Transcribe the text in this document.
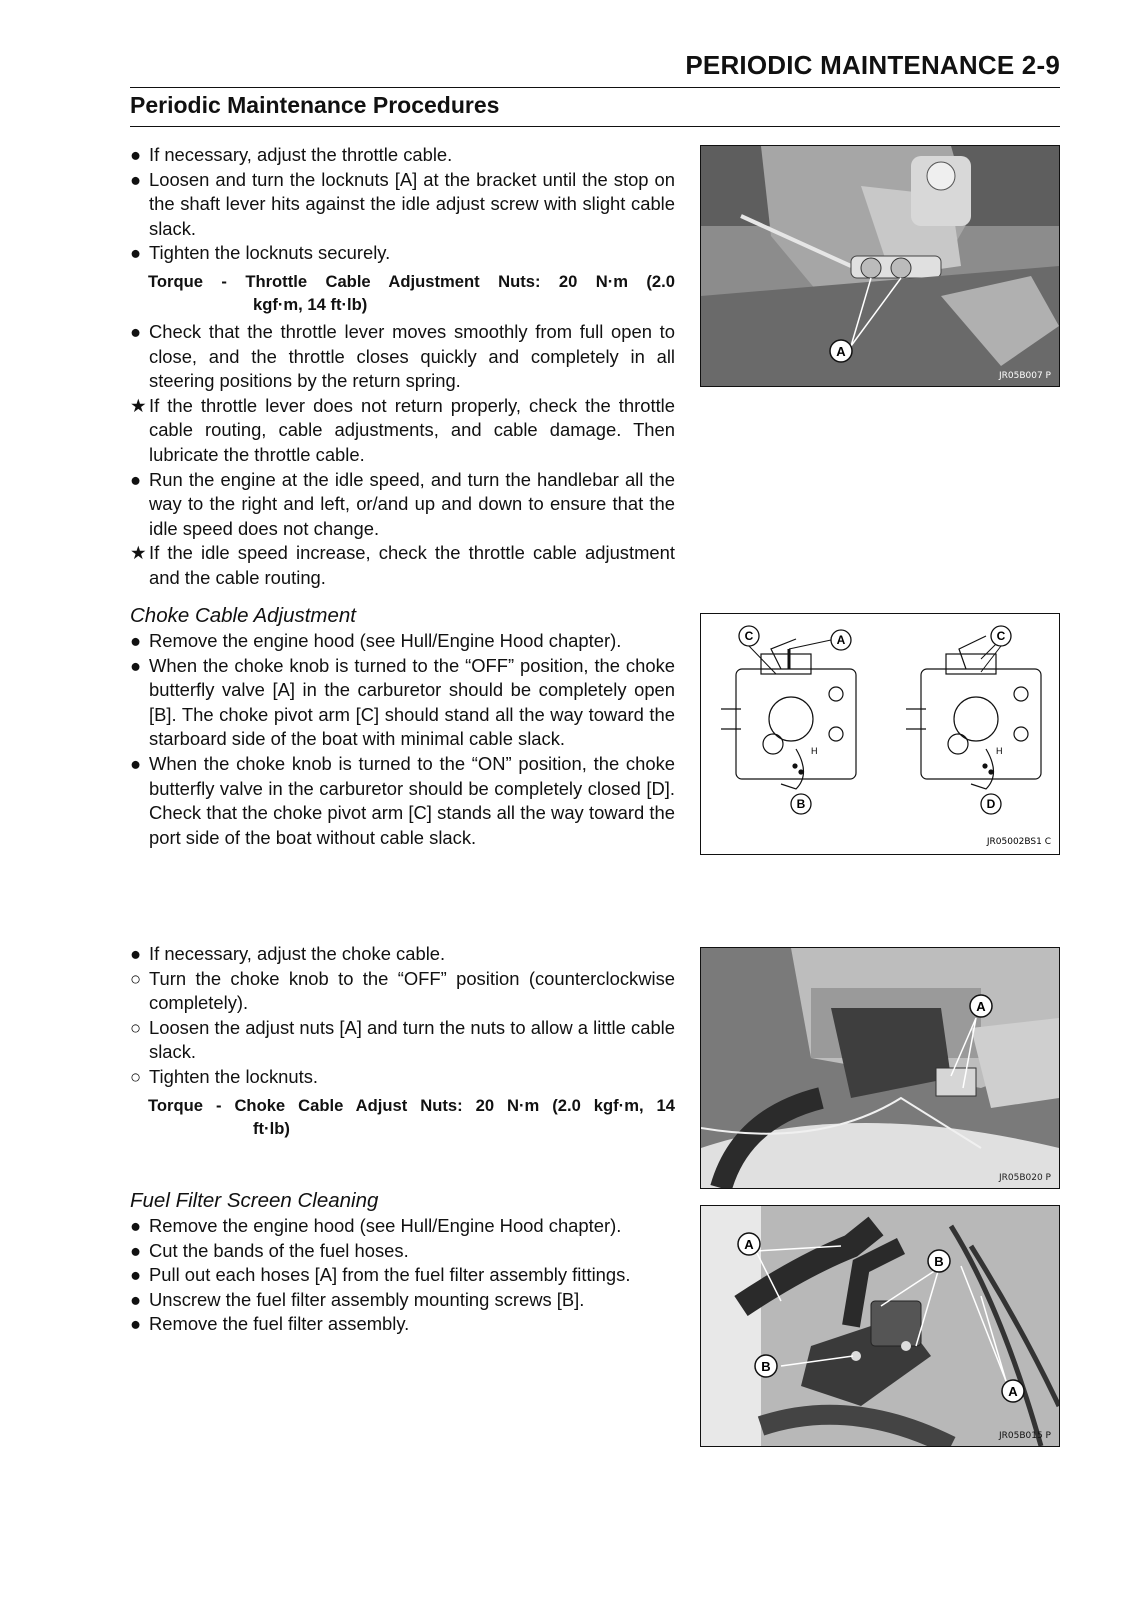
PERIODIC MAINTENANCE 2-9
Periodic Maintenance Procedures
● If necessary, adjust the throttle cable.
● Loosen and turn the locknuts [A] at the bracket until the stop on the shaft lever hits against the idle adjust screw with slight cable slack.
● Tighten the locknuts securely.
Torque - Throttle Cable Adjustment Nuts: 20 N·m (2.0
kgf·m, 14 ft·lb)
● Check that the throttle lever moves smoothly from full open to close, and the throttle closes quickly and completely in all steering positions by the return spring.
★ If the throttle lever does not return properly, check the throttle cable routing, cable adjustments, and cable damage. Then lubricate the throttle cable.
● Run the engine at the idle speed, and turn the handlebar all the way to the right and left, or/and up and down to ensure that the idle speed does not change.
★ If the idle speed increase, check the throttle cable adjustment and the cable routing.
Choke Cable Adjustment
● Remove the engine hood (see Hull/Engine Hood chapter).
● When the choke knob is turned to the “OFF” position, the choke butterfly valve [A] in the carburetor should be completely open [B]. The choke pivot arm [C] should stand all the way toward the starboard side of the boat with minimal cable slack.
● When the choke knob is turned to the “ON” position, the choke butterfly valve in the carburetor should be completely closed [D]. Check that the choke pivot arm [C] stands all the way toward the port side of the boat without cable slack.
● If necessary, adjust the choke cable.
○ Turn the choke knob to the “OFF” position (counterclockwise completely).
○ Loosen the adjust nuts [A] and turn the nuts to allow a little cable slack.
○ Tighten the locknuts.
Torque - Choke Cable Adjust Nuts: 20 N·m (2.0 kgf·m, 14
ft·lb)
Fuel Filter Screen Cleaning
● Remove the engine hood (see Hull/Engine Hood chapter).
● Cut the bands of the fuel hoses.
● Pull out each hoses [A] from the fuel filter assembly fittings.
● Unscrew the fuel filter assembly mounting screws [B].
● Remove the fuel filter assembly.
A
JR05B007 P
C	A	C
B	D
H	H
JR05002BS1 C
A
JR05B020 P
A
B
B
A
JR05B015 P
